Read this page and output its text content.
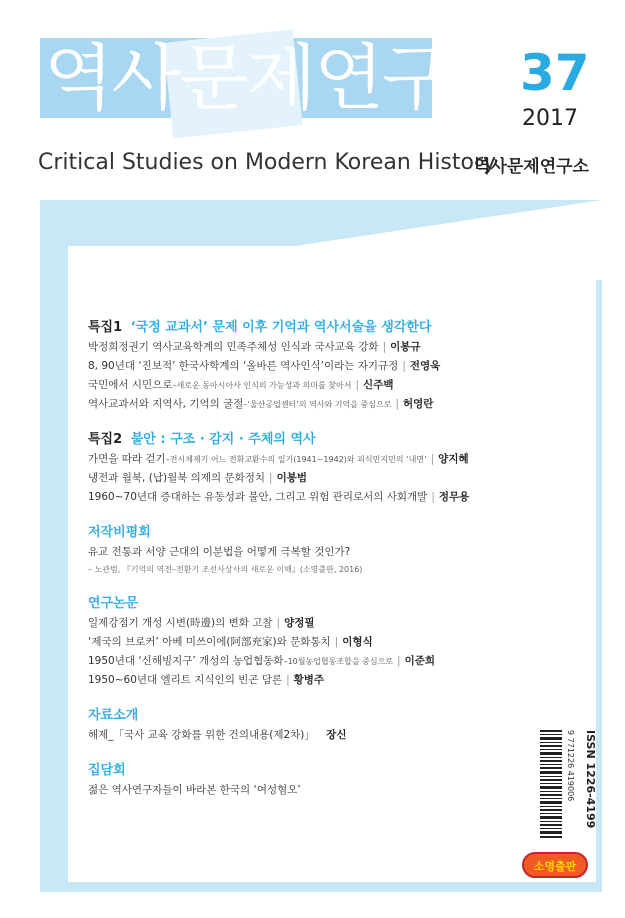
역사문제연구 37
2017
Critical Studies on Modern Korean History
역사문제연구소
특집1 ‘국정 교과서’ 문제 이후 기억과 역사서술을 생각한다
박정희정권기 역사교육학계의 민족주체성 인식과 국사교육 강화 | 이봉규
8, 90년대 ‘진보적’ 한국사학계의 ‘올바른 역사인식’이라는 자기규정 | 전영욱
국민에서 시민으로–새로운 동아시아사 인식의 가능성과 의미를 찾아서 | 신주백
역사교과서와 지역사, 기억의 굴절–‘울산공업센터’의 역사와 기억을 중심으로 | 허영란
특집2 불안 : 구조 · 감지 · 주체의 역사
가면을 따라 걷기–전시체제기 어느 전화교환수의 일기(1941~1942)와 피식민지민의 ‘내면’ | 양지혜
냉전과 월북, (납)월북 의제의 문화정치 | 이봉범
1960~70년대 증대하는 유동성과 불안, 그리고 위험 관리로서의 사회개발 | 정무용
저작비평회
유교 전통과 서양 근대의 이분법을 어떻게 극복할 것인가?
– 노관범, 『기억의 역전–전환기 조선사상사의 새로운 이해』(소명출판, 2016)
연구논문
일제강점기 개성 시변(時邊)의 변화 고찰 | 양정필
‘제국의 브로커’ 아베 미쓰이에(阿部充家)와 문화통치 | 이형식
1950년대 ‘신해빙지구’ 개성의 농업협동화–10월농업협동조합을 중심으로 | 이준희
1950~60년대 엘리트 지식인의 빈곤 담론 | 황병주
자료소개
해제_「국사 교육 강화를 위한 건의내용(제2차)」 장신
집담회
젊은 역사연구자들이 바라본 한국의 ‘여성혐오’	9 771226 419006 ISSN 1226-4199
소명출판
